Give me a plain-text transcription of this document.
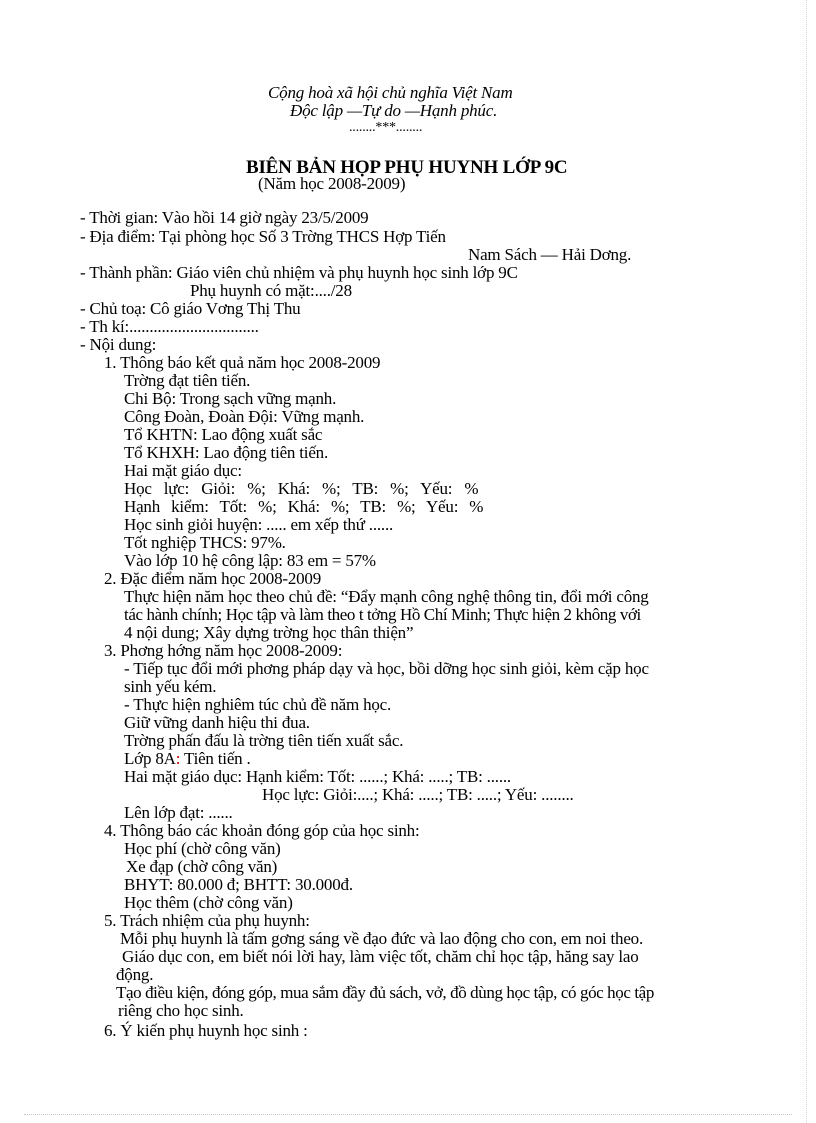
Cộng hoà xã hội chủ nghĩa Việt Nam
Độc lập —Tự do —Hạnh phúc.
........***........
BIÊN BẢN HỌP PHỤ HUYNH LỚP 9C
(Năm học 2008-2009)
- Thời gian: Vào hồi 14 giờ ngày 23/5/2009
- Địa điểm: Tại phòng học Số 3 Trờng THCS Hợp Tiến
Nam Sách — Hải Dơng.
- Thành phần: Giáo viên chủ nhiệm và phụ huynh học sinh lớp 9C
Phụ huynh có mặt:..../28
- Chủ toạ: Cô giáo Vơng Thị Thu
- Th kí:................................
- Nội dung:
1. Thông báo kết quả năm học 2008-2009
Trờng đạt tiên tiến.
Chi Bộ: Trong sạch vững mạnh.
Công Đoàn, Đoàn Đội: Vững mạnh.
Tổ KHTN: Lao động xuất sắc
Tổ KHXH: Lao động tiên tiến.
Hai mặt giáo dục:
Học lực: Giỏi: %; Khá: %; TB: %; Yếu: %
Hạnh kiểm: Tốt: %; Khá: %; TB: %; Yếu: %
Học sinh giỏi huyện: ..... em xếp thứ ......
Tốt nghiệp THCS: 97%.
Vào lớp 10 hệ công lập: 83 em = 57%
2. Đặc điểm năm học 2008-2009
Thực hiện năm học theo chủ đề: “Đẩy mạnh công nghệ thông tin, đổi mới công
tác hành chính; Học tập và làm theo t tởng Hồ Chí Minh; Thực hiện 2 không với
4 nội dung; Xây dựng trờng học thân thiện”
3. Phơng hớng năm học 2008-2009:
- Tiếp tục đổi mới phơng pháp dạy và học, bồi dỡng học sinh giỏi, kèm cặp học
sinh yếu kém.
- Thực hiện nghiêm túc chủ đề năm học.
Giữ vững danh hiệu thi đua.
Trờng phấn đấu là trờng tiên tiến xuất sắc.
Lớp 8A: Tiên tiến .
Hai mặt giáo dục: Hạnh kiểm: Tốt: ......; Khá: .....; TB: ......
Học lực: Giỏi:....; Khá: .....; TB: .....; Yếu: ........
Lên lớp đạt: ......
4. Thông báo các khoản đóng góp của học sinh:
Học phí (chờ công văn)
Xe đạp (chờ công văn)
BHYT: 80.000 đ; BHTT: 30.000đ.
Học thêm (chờ công văn)
5. Trách nhiệm của phụ huynh:
Mỗi phụ huynh là tấm gơng sáng về đạo đức và lao động cho con, em noi theo.
Giáo dục con, em biết nói lời hay, làm việc tốt, chăm chỉ học tập, hăng say lao
động.
Tạo điều kiện, đóng góp, mua sắm đầy đủ sách, vở, đồ dùng học tập, có góc học tập
riêng cho học sinh.
6. Ý kiến phụ huynh học sinh :
